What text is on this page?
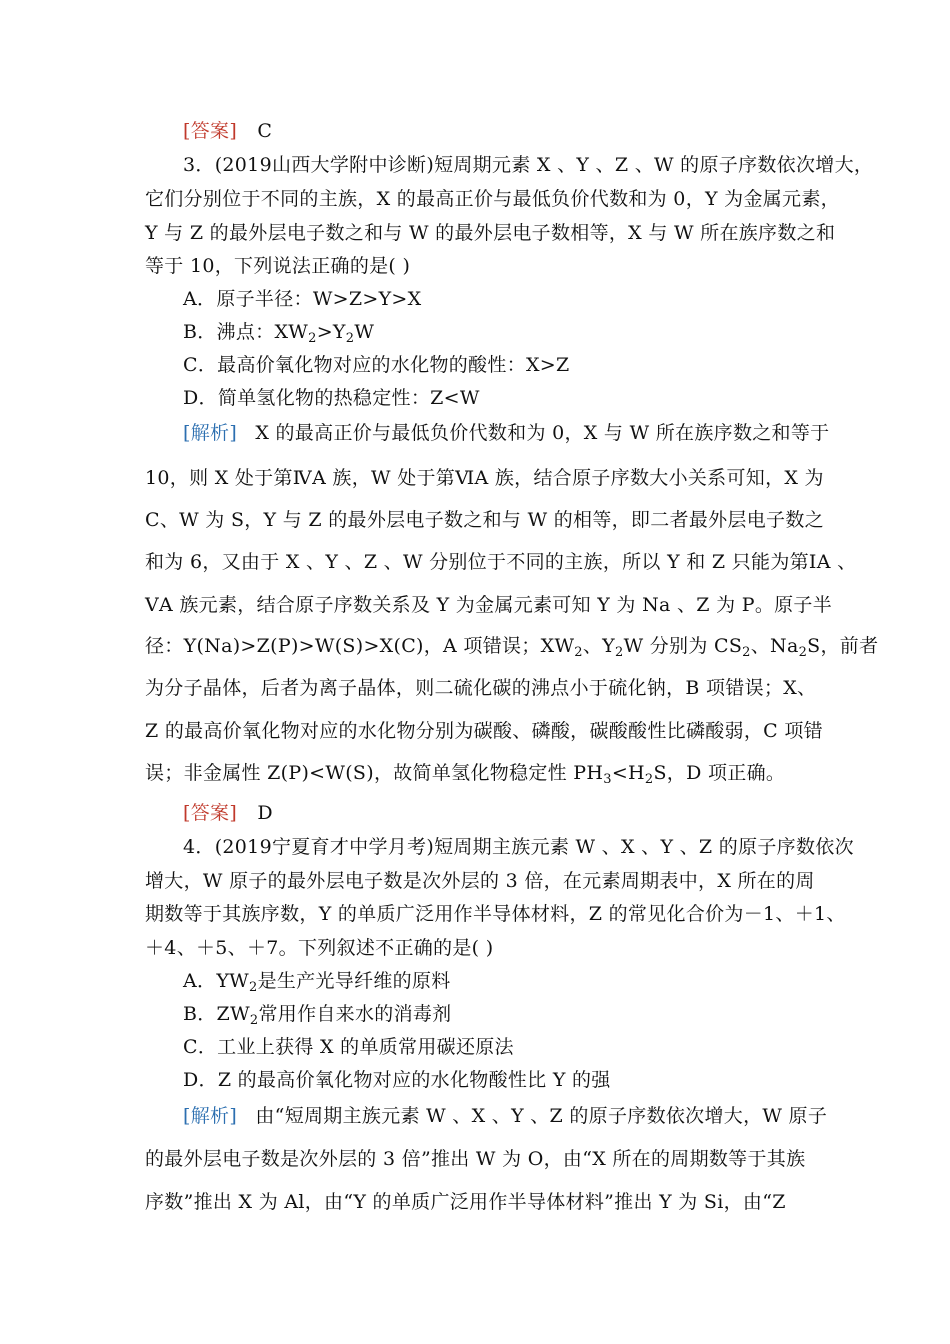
[答案] C
3．(2019山西大学附中诊断)短周期元素 X 、Y 、Z 、W 的原子序数依次增大，
它们分别位于不同的主族，X 的最高正价与最低负价代数和为 0，Y 为金属元素，
Y 与 Z 的最外层电子数之和与 W 的最外层电子数相等，X 与 W 所在族序数之和
等于 10，下列说法正确的是( )
A．原子半径：W>Z>Y>X
B．沸点：$XW_2>Y_2W$
C．最高价氧化物对应的水化物的酸性：X>Z
D．简单氢化物的热稳定性：Z<W
[解析] X 的最高正价与最低负价代数和为 0，X 与 W 所在族序数之和等于
10，则 X 处于第ⅣA 族，W 处于第ⅥA 族，结合原子序数大小关系可知，X 为
C、W 为 S，Y 与 Z 的最外层电子数之和与 W 的相等，即二者最外层电子数之
和为 6，又由于 X 、Y 、Z 、W 分别位于不同的主族，所以 Y 和 Z 只能为第ⅠA 、
ⅤA 族元素，结合原子序数关系及 Y 为金属元素可知 Y 为 Na 、Z 为 P。原子半
径：Y(Na)>Z(P)>W(S)>X(C)，A 项错误；$XW_2$、$Y_2W$ 分别为 $CS_2$、$Na_2S$，前者
为分子晶体，后者为离子晶体，则二硫化碳的沸点小于硫化钠，B 项错误；X、
Z 的最高价氧化物对应的水化物分别为碳酸、磷酸，碳酸酸性比磷酸弱，C 项错
误；非金属性 Z(P)<W(S)，故简单氢化物稳定性 $PH_3<H_2S$，D 项正确。
[答案] D
4．(2019宁夏育才中学月考)短周期主族元素 W 、X 、Y 、Z 的原子序数依次
增大，W 原子的最外层电子数是次外层的 3 倍，在元素周期表中，X 所在的周
期数等于其族序数，Y 的单质广泛用作半导体材料，Z 的常见化合价为－1、＋1、
＋4、＋5、＋7。下列叙述不正确的是( )
A．$YW_2$是生产光导纤维的原料
B．$ZW_2$常用作自来水的消毒剂
C．工业上获得 X 的单质常用碳还原法
D．Z 的最高价氧化物对应的水化物酸性比 Y 的强
[解析] 由“短周期主族元素 W 、X 、Y 、Z 的原子序数依次增大，W 原子
的最外层电子数是次外层的 3 倍”推出 W 为 O，由“X 所在的周期数等于其族
序数”推出 X 为 Al，由“Y 的单质广泛用作半导体材料”推出 Y 为 Si，由“Z
